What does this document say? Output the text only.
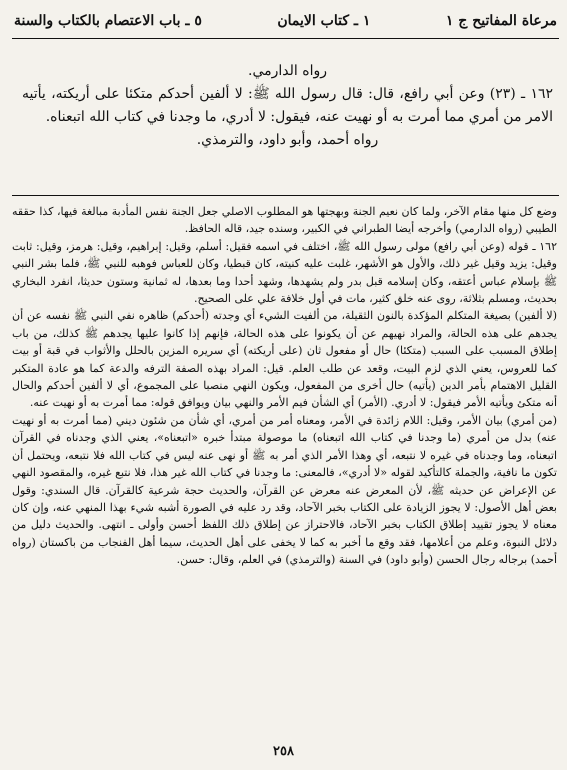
مرعاة المفاتيح ج ١
١ ـ كتاب الايمان
٥ ـ باب الاعتصام بالكتاب والسنة

رواه الدارمي.

١٦٢ ـ (٢٣) وعن أبي رافع، قال: قال رسول الله ﷺ: لا ألفين أحدكم متكئا على أريكته، يأتيه الامر من أمري مما أمرت به أو نهيت عنه، فيقول: لا أدري، ما وجدنا في كتاب الله اتبعناه.

رواه أحمد، وأبو داود، والترمذي.

وضع كل منها مقام الآخر، ولما كان نعيم الجنة وبهجتها هو المطلوب الاصلي جعل الجنة نفس المأدبة مبالغة فيها، كذا حققه الطيبي (رواه الدارمي) وأخرجه أيضا الطبراني في الكبير، وسنده جيد، قاله الحافظ.

١٦٢ ـ قوله (وعن أبي رافع) مولى رسول الله ﷺ، اختلف في اسمه فقيل: أسلم، وقيل: إبراهيم، وقيل: هرمز، وقيل: ثابت وقيل: يزيد وقيل غير ذلك، والأول هو الأشهر، غلبت عليه كنيته، كان قبطيا، وكان للعباس فوهبه للنبي ﷺ، فلما بشر النبي ﷺ بإسلام عباس أعتقه، وكان إسلامه قبل بدر ولم يشهدها، وشهد أحدا وما بعدها، له ثمانية وستون حديثا، انفرد البخاري بحديث، ومسلم بثلاثة، روى عنه خلق كثير، مات في أول خلافة علي على الصحيح.

(لا ألفين) بصيغة المتكلم المؤكدة بالنون الثقيلة، من ألفيت الشيء أي وجدته (أحدكم) ظاهره نفي النبي ﷺ نفسه عن أن يجدهم على هذه الحالة، والمراد نهيهم عن أن يكونوا على هذه الحالة، فإنهم إذا كانوا عليها يجدهم ﷺ كذلك، من باب إطلاق المسبب على السبب (متكئا) حال أو مفعول ثان (على أريكته) أي سريره المزين بالحلل والأثواب في قبة أو بيت كما للعروس، يعني الذي لزم البيت، وقعد عن طلب العلم. قيل: المراد بهذه الصفة الترفه والدعة كما هو عادة المتكبر القليل الاهتمام بأمر الدين (يأتيه) حال أخرى من المفعول، ويكون النهي منصبا على المجموع، أي لا ألفين أحدكم والحال أنه متكئ ويأتيه الأمر فيقول: لا أدري. (الأمر) أي الشأن فيم الأمر والنهي بيان ويوافق قوله: مما أمرت به أو نهيت عنه.

(من أمري) بيان الأمر، وقيل: اللام زائدة في الأمر، ومعناه أمر من أمري، أي شأن من شئون ديني (مما أمرت به أو نهيت عنه) بدل من أمري (ما وجدنا في كتاب الله اتبعناه) ما موصولة مبتدأ خبره «اتبعناه»، يعني الذي وجدناه في القرآن اتبعناه، وما وجدناه في غيره لا نتبعه، أي وهذا الأمر الذي أمر به ﷺ أو نهى عنه ليس في كتاب الله فلا نتبعه، ويحتمل أن تكون ما نافية، والجملة كالتأكيد لقوله «لا أدري»، فالمعنى: ما وجدنا في كتاب الله غير هذا، فلا نتبع غيره، والمقصود النهي عن الإعراض عن حديثه ﷺ، لأن المعرض عنه معرض عن القرآن، والحديث حجة شرعية كالقرآن. قال السندي: وقول بعض أهل الأصول: لا يجوز الزيادة على الكتاب بخبر الآحاد، وقد رد عليه في الصورة أشبه شيء بهذا المنهي عنه، وإن كان معناه لا يجوز تقييد إطلاق الكتاب بخبر الآحاد، فالاحتراز عن إطلاق ذلك اللفظ أحسن وأولى ـ انتهى. والحديث دليل من دلائل النبوة، وعلم من أعلامها، فقد وقع ما أخبر به كما لا يخفى على أهل الحديث، سيما أهل الفنجاب من باكستان (رواه أحمد) برجاله رجال الحسن (وأبو داود) في السنة (والترمذي) في العلم، وقال: حسن.

٢٥٨
